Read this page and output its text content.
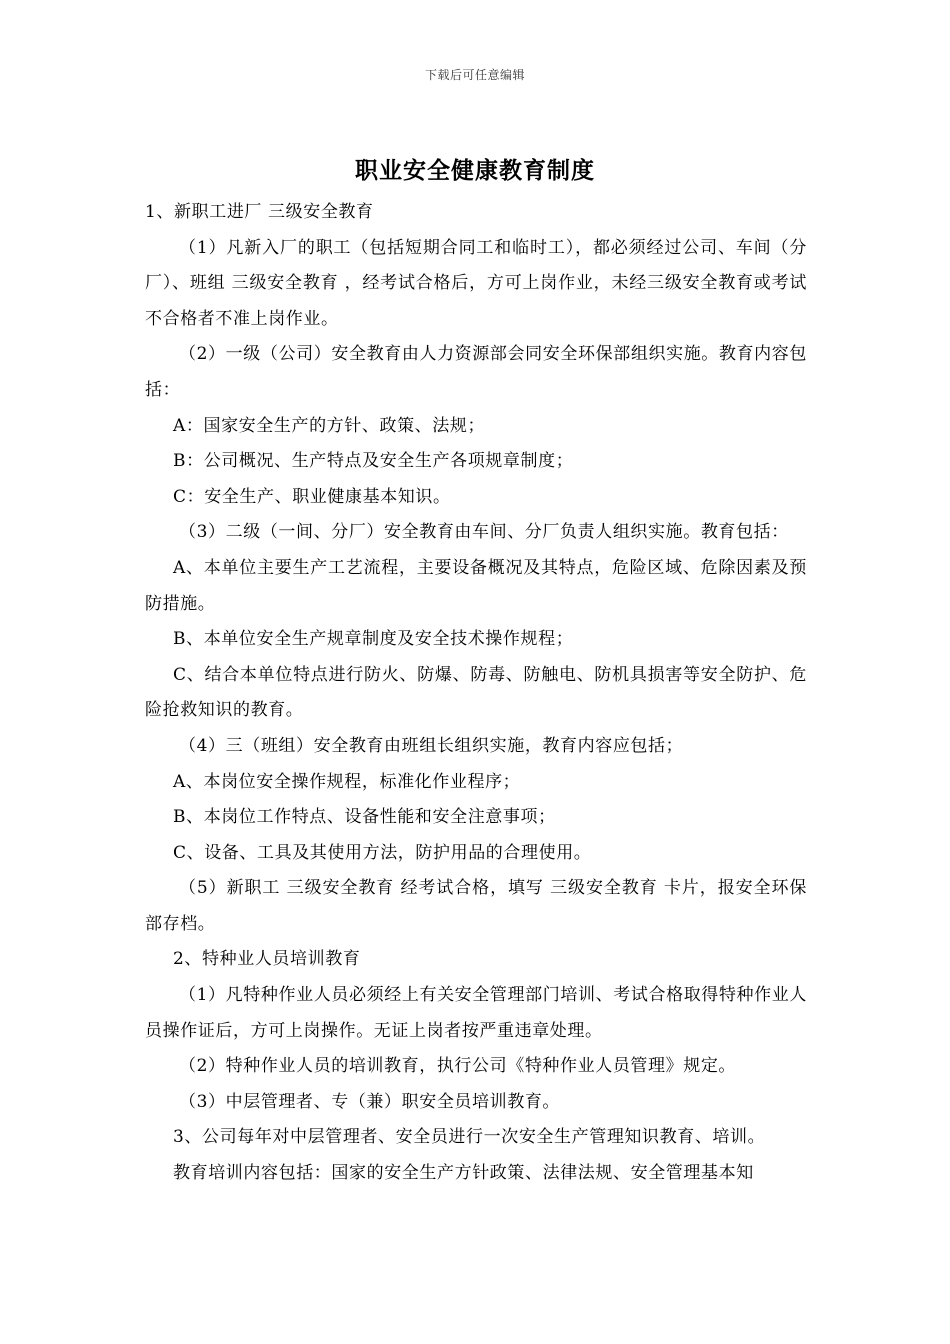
下载后可任意编辑
职业安全健康教育制度

1、新职工进厂 三级安全教育

（1）凡新入厂的职工（包括短期合同工和临时工），都必须经过公司、车间（分厂）、班组 三级安全教育 ，经考试合格后，方可上岗作业，未经三级安全教育或考试不合格者不准上岗作业。

（2）一级（公司）安全教育由人力资源部会同安全环保部组织实施。教育内容包括：

A：国家安全生产的方针、政策、法规；

B：公司概况、生产特点及安全生产各项规章制度；

C：安全生产、职业健康基本知识。

（3）二级（一间、分厂）安全教育由车间、分厂负责人组织实施。教育包括：

A、本单位主要生产工艺流程，主要设备概况及其特点，危险区域、危除因素及预防措施。

B、本单位安全生产规章制度及安全技术操作规程；

C、结合本单位特点进行防火、防爆、防毒、防触电、防机具损害等安全防护、危险抢救知识的教育。

（4）三（班组）安全教育由班组长组织实施，教育内容应包括；

A、本岗位安全操作规程，标准化作业程序；

B、本岗位工作特点、设备性能和安全注意事项；

C、设备、工具及其使用方法，防护用品的合理使用。

（5）新职工 三级安全教育 经考试合格，填写 三级安全教育 卡片，报安全环保部存档。

2、特种业人员培训教育

（1）凡特种作业人员必须经上有关安全管理部门培训、考试合格取得特种作业人员操作证后，方可上岗操作。无证上岗者按严重违章处理。

（2）特种作业人员的培训教育，执行公司《特种作业人员管理》规定。

（3）中层管理者、专（兼）职安全员培训教育。

3、公司每年对中层管理者、安全员进行一次安全生产管理知识教育、培训。

教育培训内容包括：国家的安全生产方针政策、法律法规、安全管理基本知
